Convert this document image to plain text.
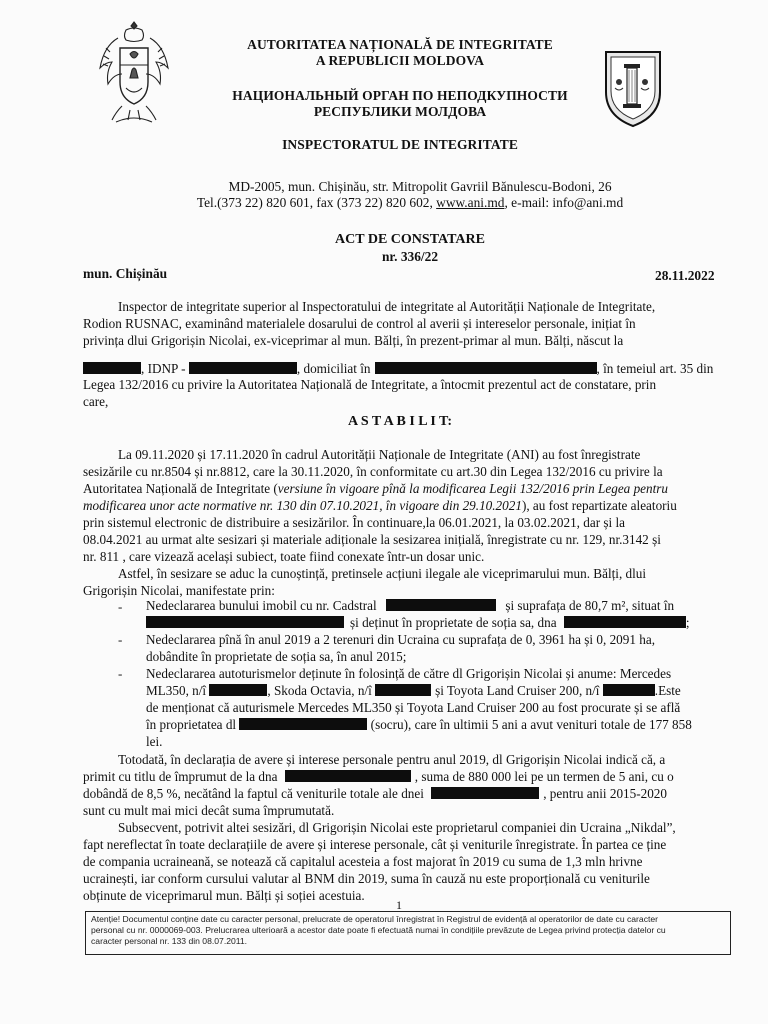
AUTORITATEA NAȚIONALĂ DE INTEGRITATE
A REPUBLICII MOLDOVA
НАЦИОНАЛЬНЫЙ ОРГАН ПО НЕПОДКУПНОСТИ
РЕСПУБЛИКИ МОЛДОВА
INSPECTORATUL DE INTEGRITATE
MD-2005, mun. Chișinău, str. Mitropolit Gavriil Bănulescu-Bodoni, 26
Tel.(373 22) 820 601, fax (373 22) 820 602, www.ani.md, e-mail: info@ani.md
ACT DE CONSTATARE
nr. 336/22
mun. Chișinău	28.11.2022
Inspector de integritate superior al Inspectoratului de integritate al Autorității Naționale de Integritate,
Rodion RUSNAC, examinând materialele dosarului de control al averii și intereselor personale, inițiat în
privința dlui Grigorișin Nicolai, ex-viceprimar al mun. Bălți, în prezent-primar al mun. Bălți, născut la
, IDNP -	, domiciliat în	, în temeiul art. 35 din
Legea 132/2016 cu privire la Autoritatea Națională de Integritate, a întocmit prezentul act de constatare, prin
care,
A S T A B I L I T:
La 09.11.2020 și 17.11.2020 în cadrul Autorității Naționale de Integritate (ANI) au fost înregistrate
sesizările cu nr.8504 și nr.8812, care la 30.11.2020, în conformitate cu art.30 din Legea 132/2016 cu privire la
Autoritatea Națională de Integritate (versiune în vigoare pînă la modificarea Legii 132/2016 prin Legea pentru
modificarea unor acte normative nr. 130 din 07.10.2021, în vigoare din 29.10.2021), au fost repartizate aleatoriu
prin sistemul electronic de distribuire a sesizărilor. În continuare,la 06.01.2021, la 03.02.2021, dar și la
08.04.2021 au urmat alte sesizari și materiale adiționale la sesizarea inițială, înregistrate cu nr. 129, nr.3142 și
nr. 811 , care vizează același subiect, toate fiind conexate într-un dosar unic.
Astfel, în sesizare se aduc la cunoștință, pretinsele acțiuni ilegale ale viceprimarului mun. Bălți, dlui
Grigorișin Nicolai, manifestate prin:
- Nedeclararea bunului imobil cu nr. Cadstral	și suprafața de 80,7 m², situat în
și deținut în proprietate de soția sa, dna	;
- Nedeclararea pînă în anul 2019 a 2 terenuri din Ucraina cu suprafața de 0, 3961 ha și 0, 2091 ha,
dobândite în proprietate de soția sa, în anul 2015;
- Nedeclararea autoturismelor deținute în folosință de către dl Grigorișin Nicolai și anume: Mercedes
ML350, n/î	, Skoda Octavia, n/î	și Toyota Land Cruiser 200, n/î	.Este
de menționat că auturismele Mercedes ML350 și Toyota Land Cruiser 200 au fost procurate și se află
în proprietatea dl	(socru), care în ultimii 5 ani a avut venituri totale de 177 858
lei.
Totodată, în declarația de avere și interese personale pentru anul 2019, dl Grigorișin Nicolai indică că, a
primit cu titlu de împrumut de la dna	, suma de 880 000 lei pe un termen de 5 ani, cu o
dobândă de 8,5 %, necătând la faptul că veniturile totale ale dnei	, pentru anii 2015-2020
sunt cu mult mai mici decât suma împrumutată.
Subsecvent, potrivit altei sesizări, dl Grigorișin Nicolai este proprietarul companiei din Ucraina „Nikdal”,
fapt nereflectat în toate declarațiile de avere și interese personale, cât și veniturile înregistrate. În partea ce ține
de compania ucraineană, se notează că capitalul acesteia a fost majorat în 2019 cu suma de 1,3 mln hrivne
ucrainești, iar conform cursului valutar al BNM din 2019, suma în cauză nu este proporțională cu veniturile
obținute de viceprimarul mun. Bălți și soției acestuia.
1
Atenție! Documentul conține date cu caracter personal, prelucrate de operatorul înregistrat în Registrul de evidență al operatorilor de date cu caracter
personal cu nr. 0000069-003. Prelucrarea ulterioară a acestor date poate fi efectuată numai în condițiile prevăzute de Legea privind protecția datelor cu
caracter personal nr. 133 din 08.07.2011.
